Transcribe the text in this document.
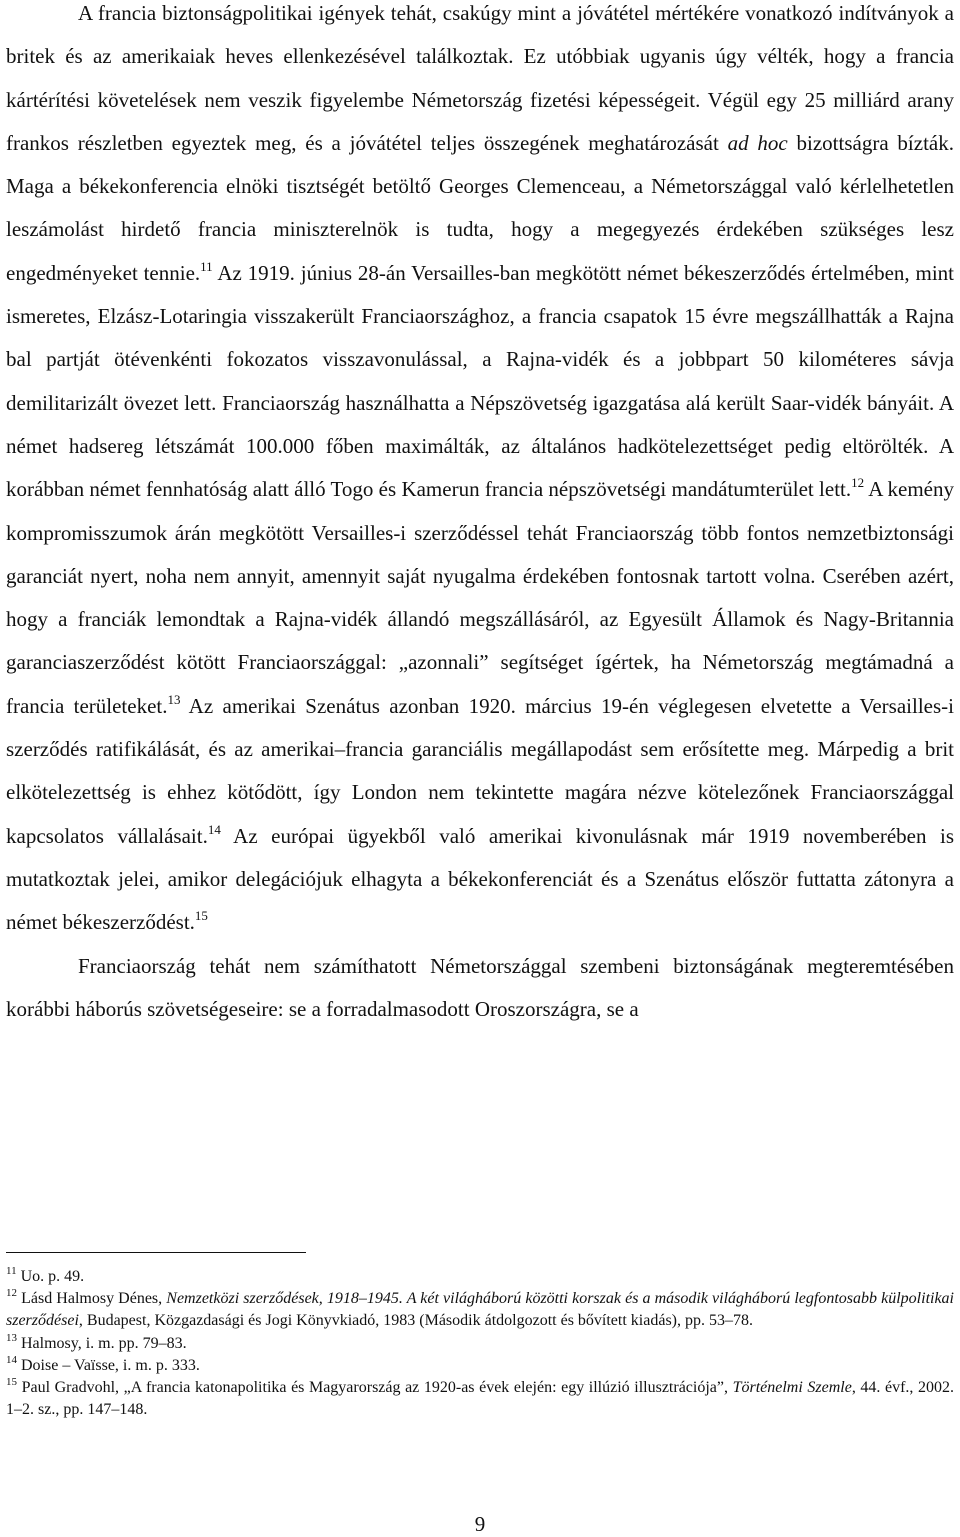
A francia biztonságpolitikai igények tehát, csakúgy mint a jóvátétel mértékére vonatkozó indítványok a britek és az amerikaiak heves ellenkezésével találkoztak. Ez utóbbiak ugyanis úgy vélték, hogy a francia kártérítési követelések nem veszik figyelembe Németország fizetési képességeit. Végül egy 25 milliárd arany frankos részletben egyeztek meg, és a jóvátétel teljes összegének meghatározását ad hoc bizottságra bízták. Maga a békekonferencia elnöki tisztségét betöltő Georges Clemenceau, a Németországgal való kérlelhetetlen leszámolást hirdető francia miniszterelnök is tudta, hogy a megegyezés érdekében szükséges lesz engedményeket tennie.$^{11}$ Az 1919. június 28-án Versailles-ban megkötött német békeszerződés értelmében, mint ismeretes, Elzász-Lotaringia visszakerült Franciaországhoz, a francia csapatok 15 évre megszállhatták a Rajna bal partját ötévenkénti fokozatos visszavonulással, a Rajna-vidék és a jobbpart 50 kilométeres sávja demilitarizált övezet lett. Franciaország használhatta a Népszövetség igazgatása alá került Saar-vidék bányáit. A német hadsereg létszámát 100.000 főben maximálták, az általános hadkötelezettséget pedig eltörölték. A korábban német fennhatóság alatt álló Togo és Kamerun francia népszövetségi mandátumterület lett.$^{12}$ A kemény kompromisszumok árán megkötött Versailles-i szerződéssel tehát Franciaország több fontos nemzetbiztonsági garanciát nyert, noha nem annyit, amennyit saját nyugalma érdekében fontosnak tartott volna. Cserében azért, hogy a franciák lemondtak a Rajna-vidék állandó megszállásáról, az Egyesült Államok és Nagy-Britannia garanciaszerződést kötött Franciaországgal: „azonnali” segítséget ígértek, ha Németország megtámadná a francia területeket.$^{13}$ Az amerikai Szenátus azonban 1920. március 19-én véglegesen elvetette a Versailles-i szerződés ratifikálását, és az amerikai–francia garanciális megállapodást sem erősítette meg. Márpedig a brit elkötelezettség is ehhez kötődött, így London nem tekintette magára nézve kötelezőnek Franciaországgal kapcsolatos vállalásait.$^{14}$ Az európai ügyekből való amerikai kivonulásnak már 1919 novemberében is mutatkoztak jelei, amikor delegációjuk elhagyta a békekonferenciát és a Szenátus először futtatta zátonyra a német békeszerződést.$^{15}$

Franciaország tehát nem számíthatott Németországgal szembeni biztonságának megteremtésében korábbi háborús szövetségeseire: se a forradalmasodott Oroszországra, se a

$^{11}$ Uo. p. 49.

$^{12}$ Lásd Halmosy Dénes, Nemzetközi szerződések, 1918–1945. A két világháború közötti korszak és a második világháború legfontosabb külpolitikai szerződései, Budapest, Közgazdasági és Jogi Könyvkiadó, 1983 (Második átdolgozott és bővített kiadás), pp. 53–78.

$^{13}$ Halmosy, i. m. pp. 79–83.

$^{14}$ Doise – Vaïsse, i. m. p. 333.

$^{15}$ Paul Gradvohl, „A francia katonapolitika és Magyarország az 1920-as évek elején: egy illúzió illusztrációja”, Történelmi Szemle, 44. évf., 2002. 1–2. sz., pp. 147–148.

9
